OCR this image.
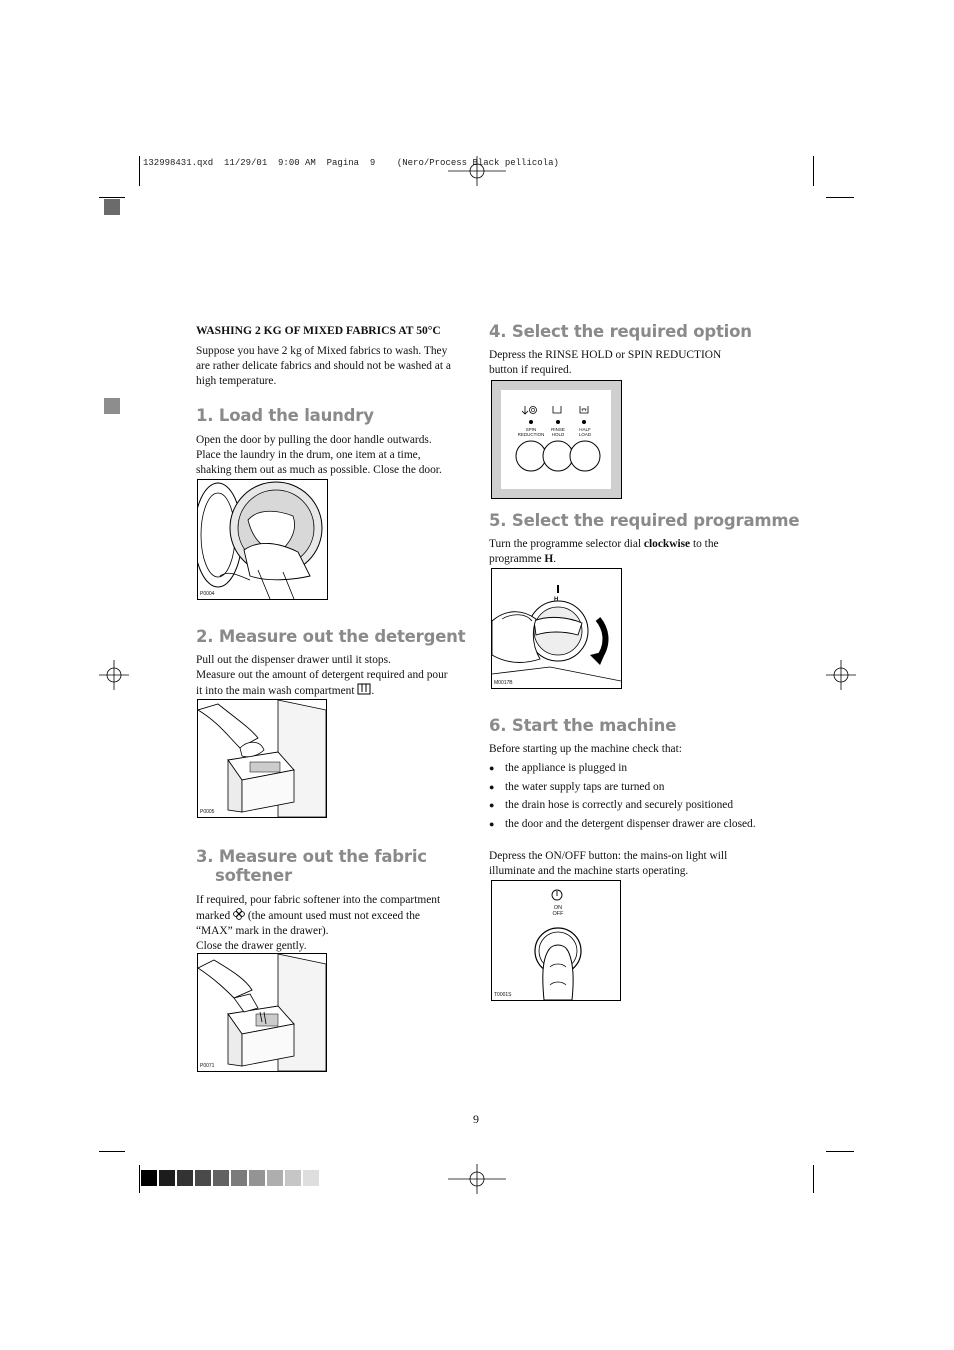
132998431.qxd  11/29/01  9:00 AM  Pagina  9    (Nero/Process Black pellicola)
WASHING 2 KG OF MIXED FABRICS AT 50°C
Suppose you have 2 kg of Mixed fabrics to wash. They
are rather delicate fabrics and should not be washed at a
high temperature.
1. Load the laundry
Open the door by pulling the door handle outwards.
Place the laundry in the drum, one item at a time,
shaking them out as much as possible. Close the door.
P0004
2. Measure out the detergent
Pull out the dispenser drawer until it stops.
Measure out the amount of detergent required and pour
it into the main wash compartment .
P0005
3. Measure out the fabric
softener
If required, pour fabric softener into the compartment
marked (the amount used must not exceed the
“MAX” mark in the drawer).
Close the drawer gently.
P0071
4. Select the required option
Depress the RINSE HOLD or SPIN REDUCTION
button if required.
SPIN
REDUCTION
RINSE
HOLD
HALF
LOAD
5. Select the required programme
Turn the programme selector dial clockwise to the
programme H.
H
M0017B
6. Start the machine
Before starting up the machine check that:
● the appliance is plugged in
● the water supply taps are turned on
● the drain hose is correctly and securely positioned
● the door and the detergent dispenser drawer are closed.
Depress the ON/OFF button: the mains-on light will
illuminate and the machine starts operating.
ON
OFF
T0001S
9
